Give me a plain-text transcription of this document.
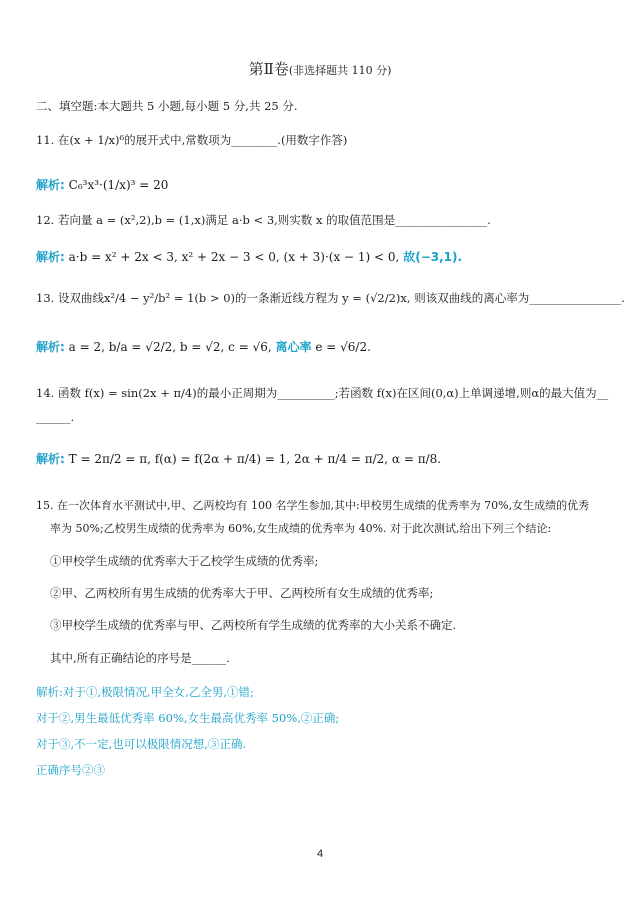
第Ⅱ卷(非选择题共 110 分)
二、填空题:本大题共 5 小题,每小题 5 分,共 25 分.
11. 在(x + 1/x)⁶的展开式中,常数项为________.(用数字作答)
解析: C₆³x³·(1/x)³ = 20
12. 若向量 a = (x²,2),b = (1,x)满足 a·b < 3,则实数 x 的取值范围是________________.
解析: a·b = x² + 2x < 3, x² + 2x − 3 < 0, (x + 3)·(x − 1) < 0, 故(−3,1).
13. 设双曲线x²/4 − y²/b² = 1(b > 0)的一条渐近线方程为 y = (√2/2)x, 则该双曲线的离心率为________________.
解析: a = 2, b/a = √2/2, b = √2, c = √6, 离心率 e = √6/2.
14. 函数 f(x) = sin(2x + π/4)的最小正周期为__________;若函数 f(x)在区间(0,α)上单调递增,则α的最大值为__
______.
解析: T = 2π/2 = π, f(α) = f(2α + π/4) = 1, 2α + π/4 = π/2, α = π/8.
15. 在一次体育水平测试中,甲、乙两校均有 100 名学生参加,其中:甲校男生成绩的优秀率为 70%,女生成绩的优秀
率为 50%;乙校男生成绩的优秀率为 60%,女生成绩的优秀率为 40%. 对于此次测试,给出下列三个结论:
①甲校学生成绩的优秀率大于乙校学生成绩的优秀率;
②甲、乙两校所有男生成绩的优秀率大于甲、乙两校所有女生成绩的优秀率;
③甲校学生成绩的优秀率与甲、乙两校所有学生成绩的优秀率的大小关系不确定.
其中,所有正确结论的序号是______.
解析:对于①,极限情况,甲全女,乙全男,①错;
对于②,男生最低优秀率 60%,女生最高优秀率 50%,②正确;
对于③,不一定,也可以极限情况想,③正确.
正确序号②③
4
